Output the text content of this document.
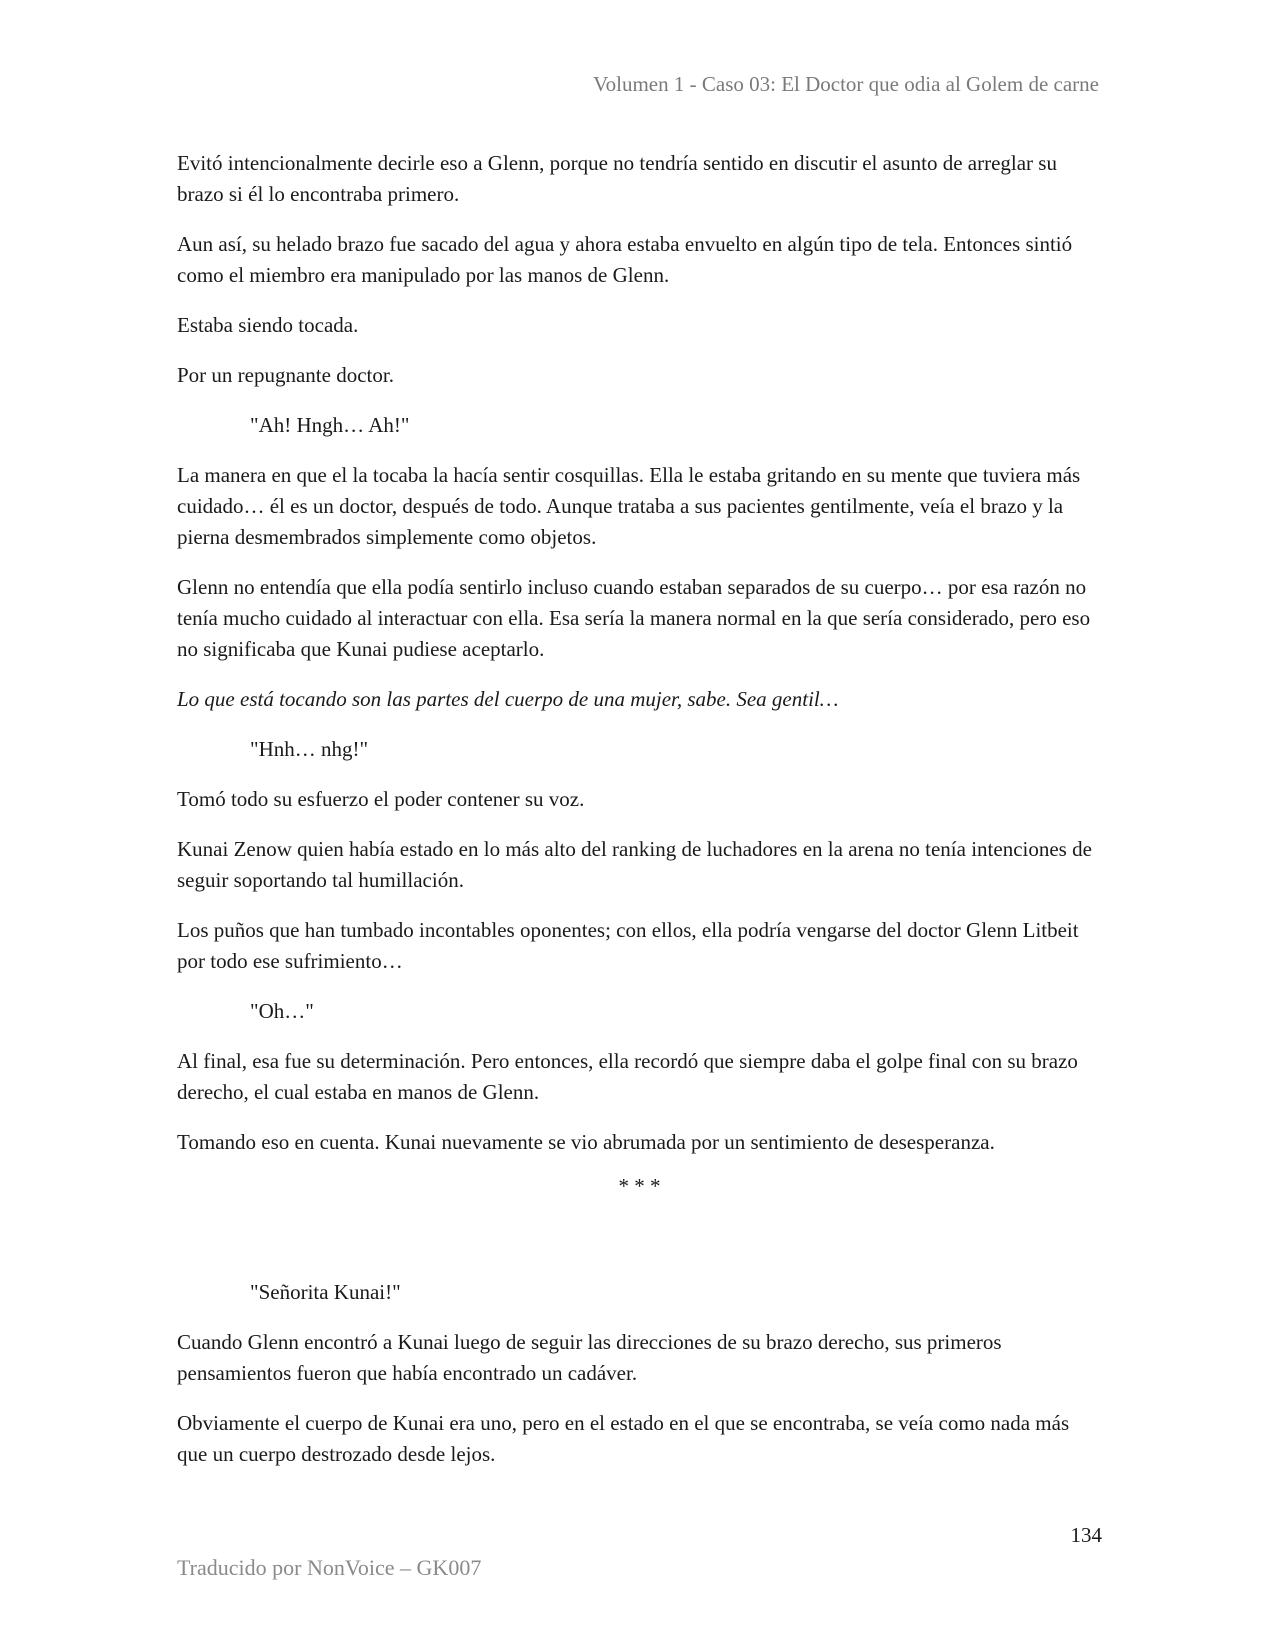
Volumen 1 - Caso 03: El Doctor que odia al Golem de carne

Evitó intencionalmente decirle eso a Glenn, porque no tendría sentido en discutir el asunto de arreglar su brazo si él lo encontraba primero.

Aun así, su helado brazo fue sacado del agua y ahora estaba envuelto en algún tipo de tela. Entonces sintió como el miembro era manipulado por las manos de Glenn.

Estaba siendo tocada.

Por un repugnante doctor.

"Ah! Hngh… Ah!"

La manera en que el la tocaba la hacía sentir cosquillas. Ella le estaba gritando en su mente que tuviera más cuidado… él es un doctor, después de todo. Aunque trataba a sus pacientes gentilmente, veía el brazo y la pierna desmembrados simplemente como objetos.

Glenn no entendía que ella podía sentirlo incluso cuando estaban separados de su cuerpo… por esa razón no tenía mucho cuidado al interactuar con ella. Esa sería la manera normal en la que sería considerado, pero eso no significaba que Kunai pudiese aceptarlo.

Lo que está tocando son las partes del cuerpo de una mujer, sabe. Sea gentil…

"Hnh… nhg!"

Tomó todo su esfuerzo el poder contener su voz.

Kunai Zenow quien había estado en lo más alto del ranking de luchadores en la arena no tenía intenciones de seguir soportando tal humillación.

Los puños que han tumbado incontables oponentes; con ellos, ella podría vengarse del doctor Glenn Litbeit por todo ese sufrimiento…

"Oh…"

Al final, esa fue su determinación. Pero entonces, ella recordó que siempre daba el golpe final con su brazo derecho, el cual estaba en manos de Glenn.

Tomando eso en cuenta. Kunai nuevamente se vio abrumada por un sentimiento de desesperanza.

* * *

"Señorita Kunai!"

Cuando Glenn encontró a Kunai luego de seguir las direcciones de su brazo derecho, sus primeros pensamientos fueron que había encontrado un cadáver.

Obviamente el cuerpo de Kunai era uno, pero en el estado en el que se encontraba, se veía como nada más que un cuerpo destrozado desde lejos.

134
Traducido por NonVoice – GK007
